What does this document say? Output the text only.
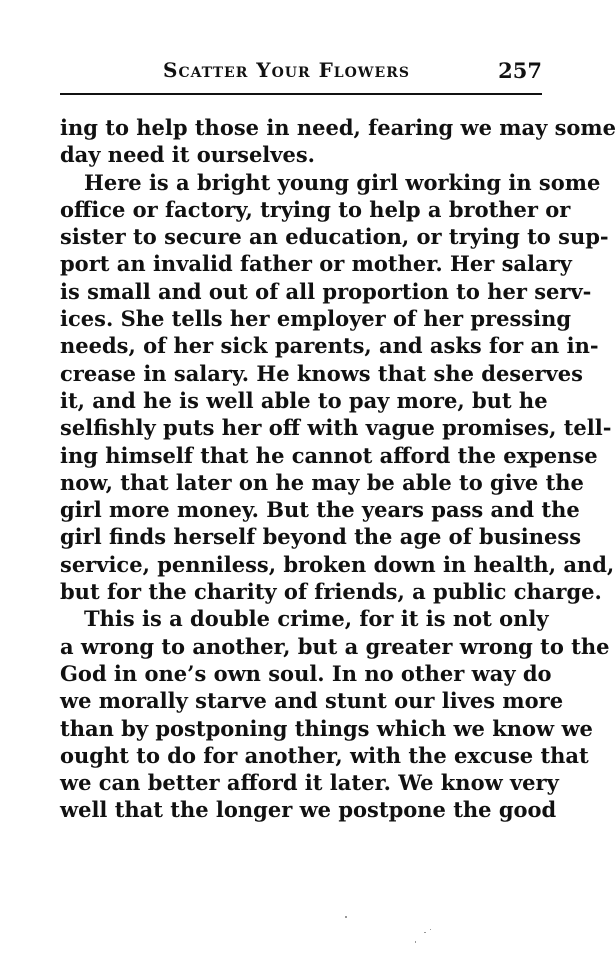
Scatter Your Flowers	257
ing to help those in need, fearing we may some
day need it ourselves.
Here is a bright young girl working in some
office or factory, trying to help a brother or
sister to secure an education, or trying to sup-
port an invalid father or mother. Her salary
is small and out of all proportion to her serv-
ices. She tells her employer of her pressing
needs, of her sick parents, and asks for an in-
crease in salary. He knows that she deserves
it, and he is well able to pay more, but he
selfishly puts her off with vague promises, tell-
ing himself that he cannot afford the expense
now, that later on he may be able to give the
girl more money. But the years pass and the
girl finds herself beyond the age of business
service, penniless, broken down in health, and,
but for the charity of friends, a public charge.
This is a double crime, for it is not only
a wrong to another, but a greater wrong to the
God in one’s own soul. In no other way do
we morally starve and stunt our lives more
than by postponing things which we know we
ought to do for another, with the excuse that
we can better afford it later. We know very
well that the longer we postpone the good
